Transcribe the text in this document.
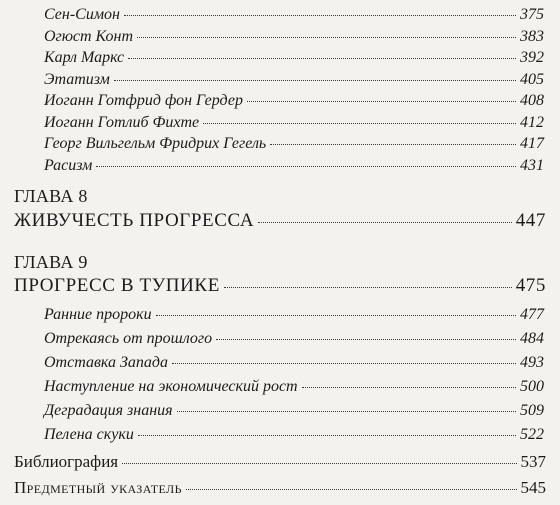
Сен-Симон	375
Огюст Конт	383
Карл Маркс	392
Этатизм	405
Иоганн Готфрид фон Гердер	408
Иоганн Готлиб Фихте	412
Георг Вильгельм Фридрих Гегель	417
Расизм	431
ГЛАВА 8
ЖИВУЧЕСТЬ ПРОГРЕССА	447
ГЛАВА 9
ПРОГРЕСС В ТУПИКЕ	475
Ранние пророки	477
Отрекаясь от прошлого	484
Отставка Запада	493
Наступление на экономический рост	500
Деградация знания	509
Пелена скуки	522
Библиография	537
Предметный указатель	545
